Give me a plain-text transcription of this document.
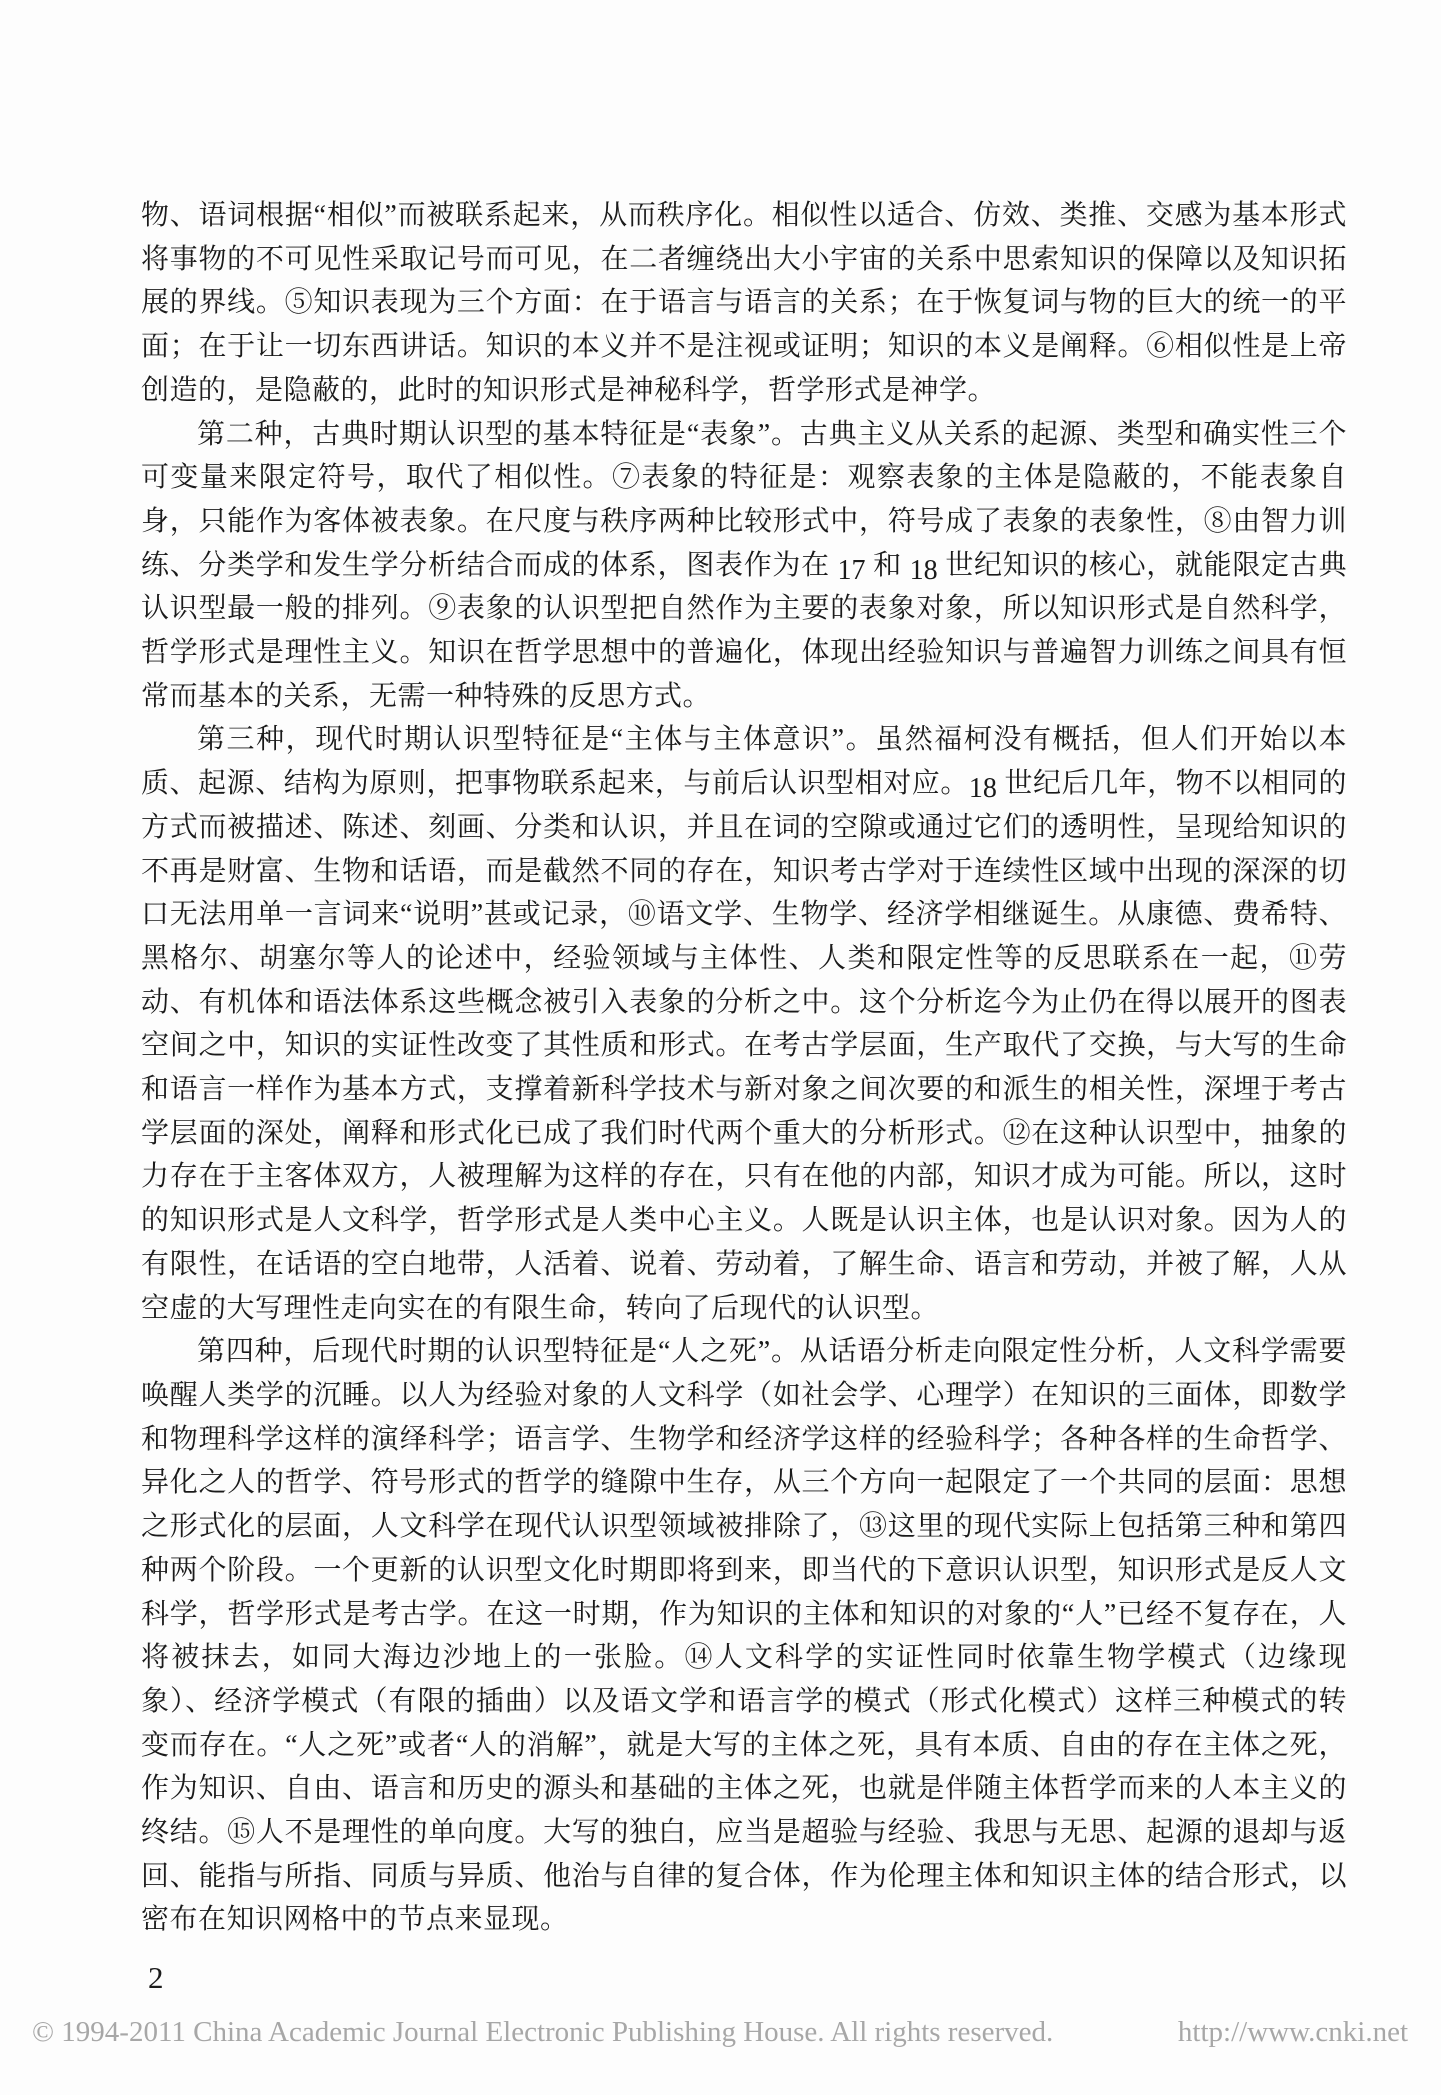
物、语词根据“相似”而被联系起来，从而秩序化。相似性以适合、仿效、类推、交感为基本形式将事物的不可见性采取记号而可见，在二者缠绕出大小宇宙的关系中思索知识的保障以及知识拓展的界线。⑤知识表现为三个方面：在于语言与语言的关系；在于恢复词与物的巨大的统一的平面；在于让一切东西讲话。知识的本义并不是注视或证明；知识的本义是阐释。⑥相似性是上帝创造的，是隐蔽的，此时的知识形式是神秘科学，哲学形式是神学。

第二种，古典时期认识型的基本特征是“表象”。古典主义从关系的起源、类型和确实性三个可变量来限定符号，取代了相似性。⑦表象的特征是：观察表象的主体是隐蔽的，不能表象自身，只能作为客体被表象。在尺度与秩序两种比较形式中，符号成了表象的表象性，⑧由智力训练、分类学和发生学分析结合而成的体系，图表作为在 17 和 18 世纪知识的核心，就能限定古典认识型最一般的排列。⑨表象的认识型把自然作为主要的表象对象，所以知识形式是自然科学，哲学形式是理性主义。知识在哲学思想中的普遍化，体现出经验知识与普遍智力训练之间具有恒常而基本的关系，无需一种特殊的反思方式。

第三种，现代时期认识型特征是“主体与主体意识”。虽然福柯没有概括，但人们开始以本质、起源、结构为原则，把事物联系起来，与前后认识型相对应。18 世纪后几年，物不以相同的方式而被描述、陈述、刻画、分类和认识，并且在词的空隙或通过它们的透明性，呈现给知识的不再是财富、生物和话语，而是截然不同的存在，知识考古学对于连续性区域中出现的深深的切口无法用单一言词来“说明”甚或记录，⑩语文学、生物学、经济学相继诞生。从康德、费希特、黑格尔、胡塞尔等人的论述中，经验领域与主体性、人类和限定性等的反思联系在一起，⑪劳动、有机体和语法体系这些概念被引入表象的分析之中。这个分析迄今为止仍在得以展开的图表空间之中，知识的实证性改变了其性质和形式。在考古学层面，生产取代了交换，与大写的生命和语言一样作为基本方式，支撑着新科学技术与新对象之间次要的和派生的相关性，深埋于考古学层面的深处，阐释和形式化已成了我们时代两个重大的分析形式。⑫在这种认识型中，抽象的力存在于主客体双方，人被理解为这样的存在，只有在他的内部，知识才成为可能。所以，这时的知识形式是人文科学，哲学形式是人类中心主义。人既是认识主体，也是认识对象。因为人的有限性，在话语的空白地带，人活着、说着、劳动着，了解生命、语言和劳动，并被了解，人从空虚的大写理性走向实在的有限生命，转向了后现代的认识型。

第四种，后现代时期的认识型特征是“人之死”。从话语分析走向限定性分析，人文科学需要唤醒人类学的沉睡。以人为经验对象的人文科学（如社会学、心理学）在知识的三面体，即数学和物理科学这样的演绎科学；语言学、生物学和经济学这样的经验科学；各种各样的生命哲学、异化之人的哲学、符号形式的哲学的缝隙中生存，从三个方向一起限定了一个共同的层面：思想之形式化的层面，人文科学在现代认识型领域被排除了，⑬这里的现代实际上包括第三种和第四种两个阶段。一个更新的认识型文化时期即将到来，即当代的下意识认识型，知识形式是反人文科学，哲学形式是考古学。在这一时期，作为知识的主体和知识的对象的“人”已经不复存在，人将被抹去，如同大海边沙地上的一张脸。⑭人文科学的实证性同时依靠生物学模式（边缘现象）、经济学模式（有限的插曲）以及语文学和语言学的模式（形式化模式）这样三种模式的转变而存在。“人之死”或者“人的消解”，就是大写的主体之死，具有本质、自由的存在主体之死，作为知识、自由、语言和历史的源头和基础的主体之死，也就是伴随主体哲学而来的人本主义的终结。⑮人不是理性的单向度。大写的独白，应当是超验与经验、我思与无思、起源的退却与返回、能指与所指、同质与异质、他治与自律的复合体，作为伦理主体和知识主体的结合形式，以密布在知识网格中的节点来显现。

2
© 1994-2011 China Academic Journal Electronic Publishing House. All rights reserved.	http://www.cnki.net
